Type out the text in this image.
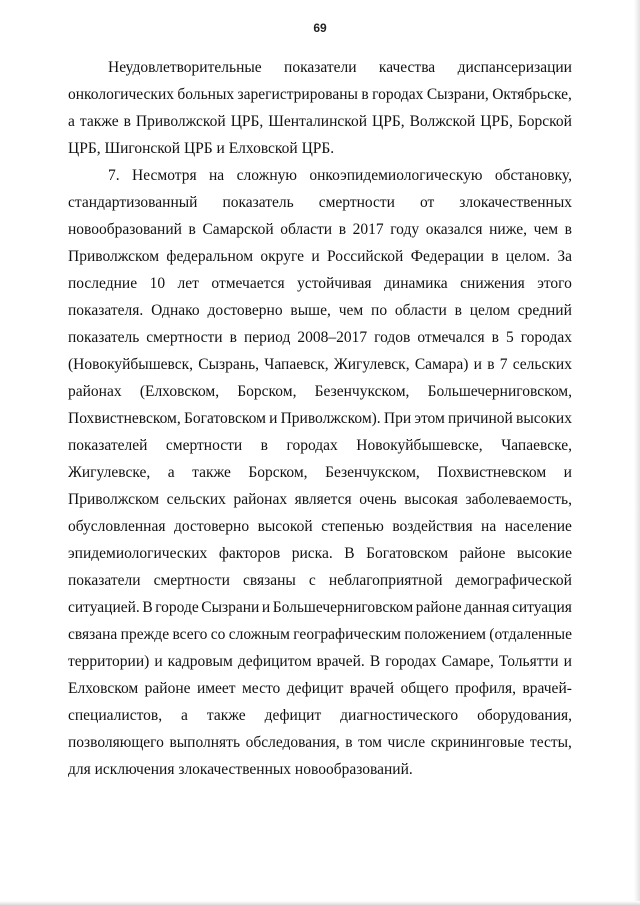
69
Неудовлетворительные показатели качества диспансеризации
онкологических больных зарегистрированы в городах Сызрани, Октябрьске,
а также в Приволжской ЦРБ, Шенталинской ЦРБ, Волжской ЦРБ, Борской
ЦРБ, Шигонской ЦРБ и Елховской ЦРБ.
7. Несмотря на сложную онкоэпидемиологическую обстановку,
стандартизованный показатель смертности от злокачественных
новообразований в Самарской области в 2017 году оказался ниже, чем в
Приволжском федеральном округе и Российской Федерации в целом. За
последние 10 лет отмечается устойчивая динамика снижения этого
показателя. Однако достоверно выше, чем по области в целом средний
показатель смертности в период 2008–2017 годов отмечался в 5 городах
(Новокуйбышевск, Сызрань, Чапаевск, Жигулевск, Самара) и в 7 сельских
районах (Елховском, Борском, Безенчукском, Большечерниговском,
Похвистневском, Богатовском и Приволжском). При этом причиной высоких
показателей смертности в городах Новокуйбышевске, Чапаевске,
Жигулевске, а также Борском, Безенчукском, Похвистневском и
Приволжском сельских районах является очень высокая заболеваемость,
обусловленная достоверно высокой степенью воздействия на население
эпидемиологических факторов риска. В Богатовском районе высокие
показатели смертности связаны с неблагоприятной демографической
ситуацией. В городе Сызрани и Большечерниговском районе данная ситуация
связана прежде всего со сложным географическим положением (отдаленные
территории) и кадровым дефицитом врачей. В городах Самаре, Тольятти и
Елховском районе имеет место дефицит врачей общего профиля, врачей-
специалистов, а также дефицит диагностического оборудования,
позволяющего выполнять обследования, в том числе скрининговые тесты,
для исключения злокачественных новообразований.
